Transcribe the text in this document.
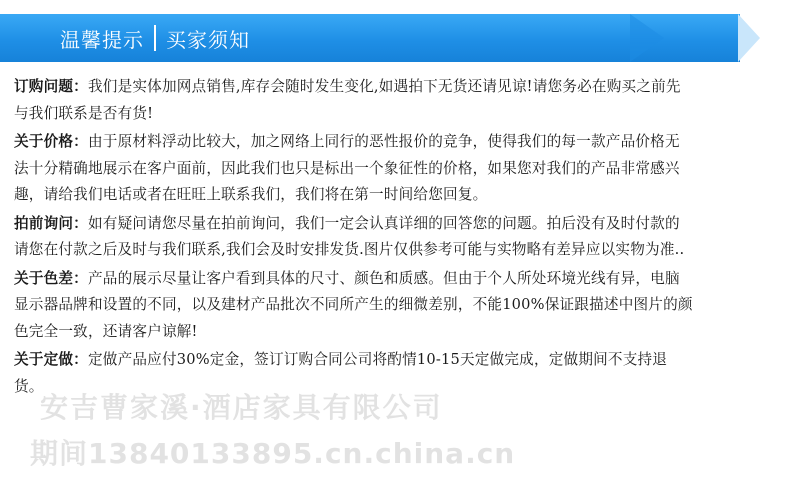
温馨提示 买家须知

订购问题：我们是实体加网点销售,库存会随时发生变化,如遇拍下无货还请见谅!请您务必在购买之前先与我们联系是否有货!

关于价格：由于原材料浮动比较大，加之网络上同行的恶性报价的竞争，使得我们的每一款产品价格无法十分精确地展示在客户面前，因此我们也只是标出一个象征性的价格，如果您对我们的产品非常感兴趣，请给我们电话或者在旺旺上联系我们，我们将在第一时间给您回复。

拍前询问：如有疑问请您尽量在拍前询问，我们一定会认真详细的回答您的问题。拍后没有及时付款的请您在付款之后及时与我们联系,我们会及时安排发货.图片仅供参考可能与实物略有差异应以实物为准..

关于色差：产品的展示尽量让客户看到具体的尺寸、颜色和质感。但由于个人所处环境光线有异，电脑显示器品牌和设置的不同，以及建材产品批次不同所产生的细微差别，不能100%保证跟描述中图片的颜色完全一致，还请客户谅解!

关于定做：定做产品应付30%定金，签订订购合同公司将酌情10-15天定做完成，定做期间不支持退货。

安吉曹家溪·酒店家具有限公司
期间13840133895.cn.china.cn
